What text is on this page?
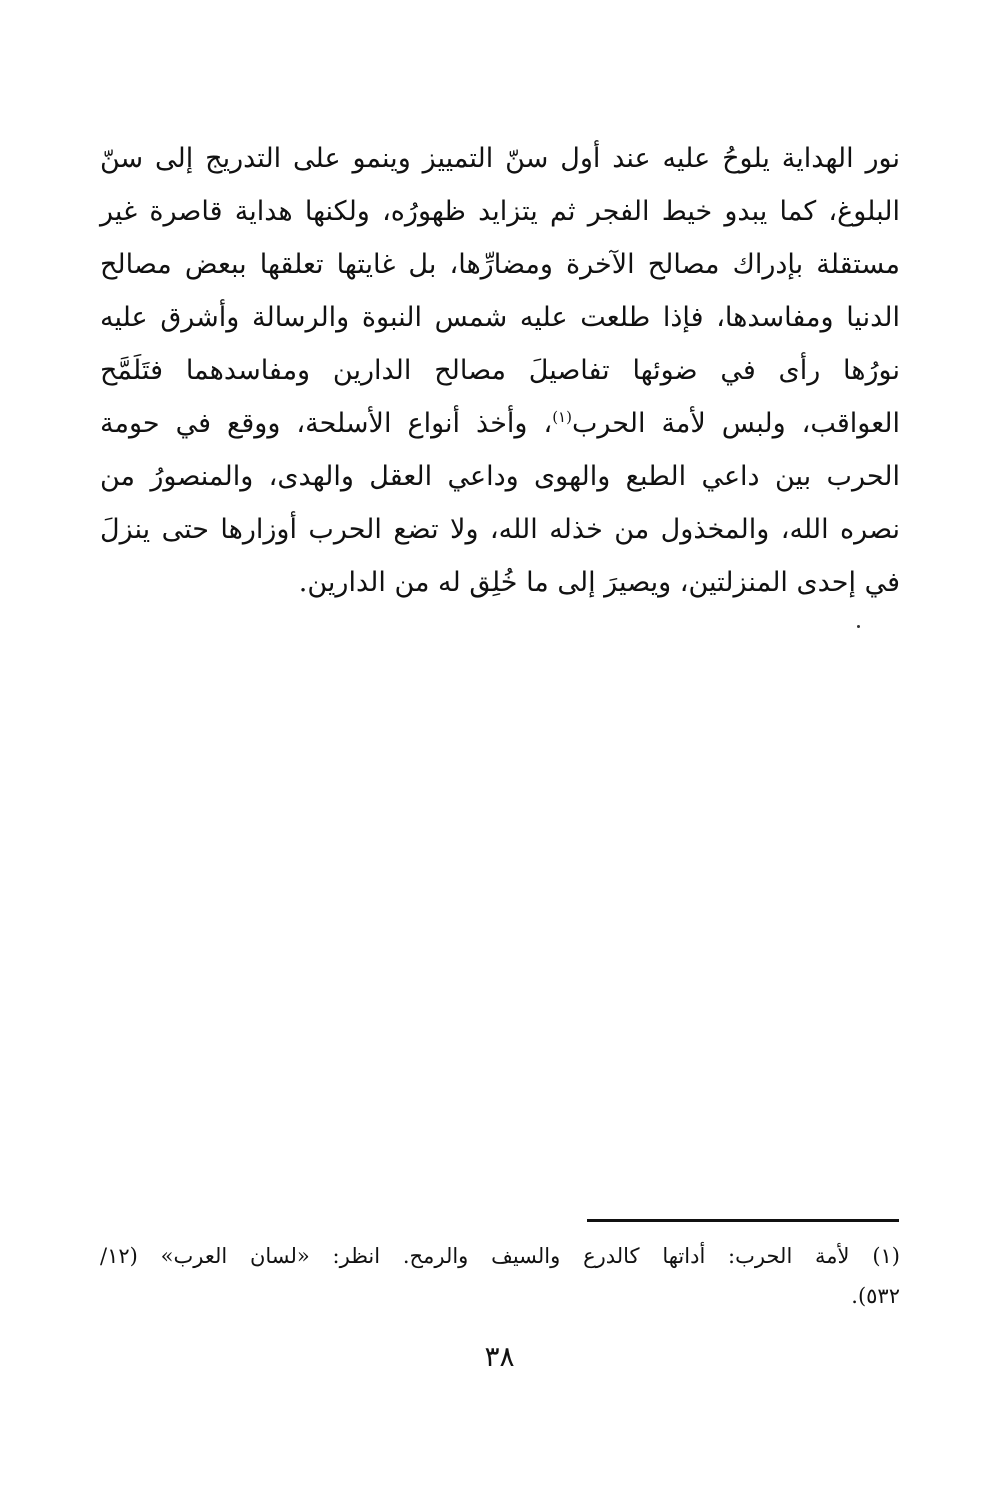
نور الهداية يلوحُ عليه عند أول سنّ التمييز وينمو على التدريج إلى سنّ
البلوغ، كما يبدو خيط الفجر ثم يتزايد ظهورُه، ولكنها هداية قاصرة غير
مستقلة بإدراك مصالح الآخرة ومضارِّها، بل غايتها تعلقها ببعض مصالح
الدنيا ومفاسدها، فإذا طلعت عليه شمس النبوة والرسالة وأشرق عليه
نورُها رأى في ضوئها تفاصيلَ مصالح الدارين ومفاسدهما فتَلَمَّح
العواقب، ولبس لأمة الحرب$^{(١)}$، وأخذ أنواع الأسلحة، ووقع في حومة
الحرب بين داعي الطبع والهوى وداعي العقل والهدى، والمنصورُ من
نصره الله، والمخذول من خذله الله، ولا تضع الحرب أوزارها حتى ينزلَ
في إحدى المنزلتين، ويصيرَ إلى ما خُلِق له من الدارين.
(١) لأمة الحرب: أداتها كالدرع والسيف والرمح. انظر: «لسان العرب» (١٢/
٥٣٢).
٣٨
